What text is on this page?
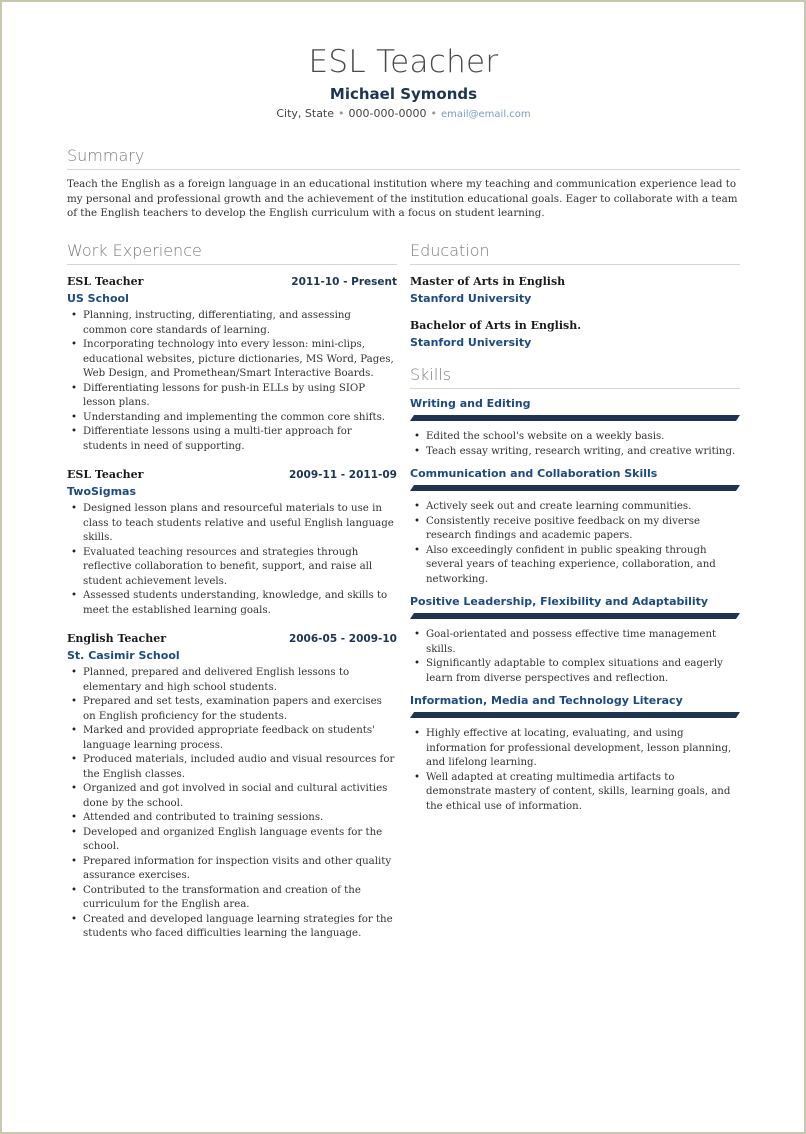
ESL Teacher
Michael Symonds
City, State • 000-000-0000 • email@email.com
Summary

Teach the English as a foreign language in an educational institution where my teaching and communication experience lead to my personal and professional growth and the achievement of the institution educational goals. Eager to collaborate with a team of the English teachers to develop the English curriculum with a focus on student learning.

Work Experience
ESL Teacher	2011-10 - Present
US School
• Planning, instructing, differentiating, and assessing common core standards of learning.
• Incorporating technology into every lesson: mini-clips, educational websites, picture dictionaries, MS Word, Pages, Web Design, and Promethean/Smart Interactive Boards.
• Differentiating lessons for push-in ELLs by using SIOP lesson plans.
• Understanding and implementing the common core shifts.
• Differentiate lessons using a multi-tier approach for students in need of supporting.
ESL Teacher	2009-11 - 2011-09
TwoSigmas
• Designed lesson plans and resourceful materials to use in class to teach students relative and useful English language skills.
• Evaluated teaching resources and strategies through reflective collaboration to benefit, support, and raise all student achievement levels.
• Assessed students understanding, knowledge, and skills to meet the established learning goals.
English Teacher	2006-05 - 2009-10
St. Casimir School
• Planned, prepared and delivered English lessons to elementary and high school students.
• Prepared and set tests, examination papers and exercises on English proficiency for the students.
• Marked and provided appropriate feedback on students' language learning process.
• Produced materials, included audio and visual resources for the English classes.
• Organized and got involved in social and cultural activities done by the school.
• Attended and contributed to training sessions.
• Developed and organized English language events for the school.
• Prepared information for inspection visits and other quality assurance exercises.
• Contributed to the transformation and creation of the curriculum for the English area.
• Created and developed language learning strategies for the students who faced difficulties learning the language.
Education
Master of Arts in English
Stanford University
Bachelor of Arts in English.
Stanford University
Skills
Writing and Editing
• Edited the school's website on a weekly basis.
• Teach essay writing, research writing, and creative writing.
Communication and Collaboration Skills
• Actively seek out and create learning communities.
• Consistently receive positive feedback on my diverse research findings and academic papers.
• Also exceedingly confident in public speaking through several years of teaching experience, collaboration, and networking.
Positive Leadership, Flexibility and Adaptability
• Goal-orientated and possess effective time management skills.
• Significantly adaptable to complex situations and eagerly learn from diverse perspectives and reflection.
Information, Media and Technology Literacy
• Highly effective at locating, evaluating, and using information for professional development, lesson planning, and lifelong learning.
• Well adapted at creating multimedia artifacts to demonstrate mastery of content, skills, learning goals, and the ethical use of information.
